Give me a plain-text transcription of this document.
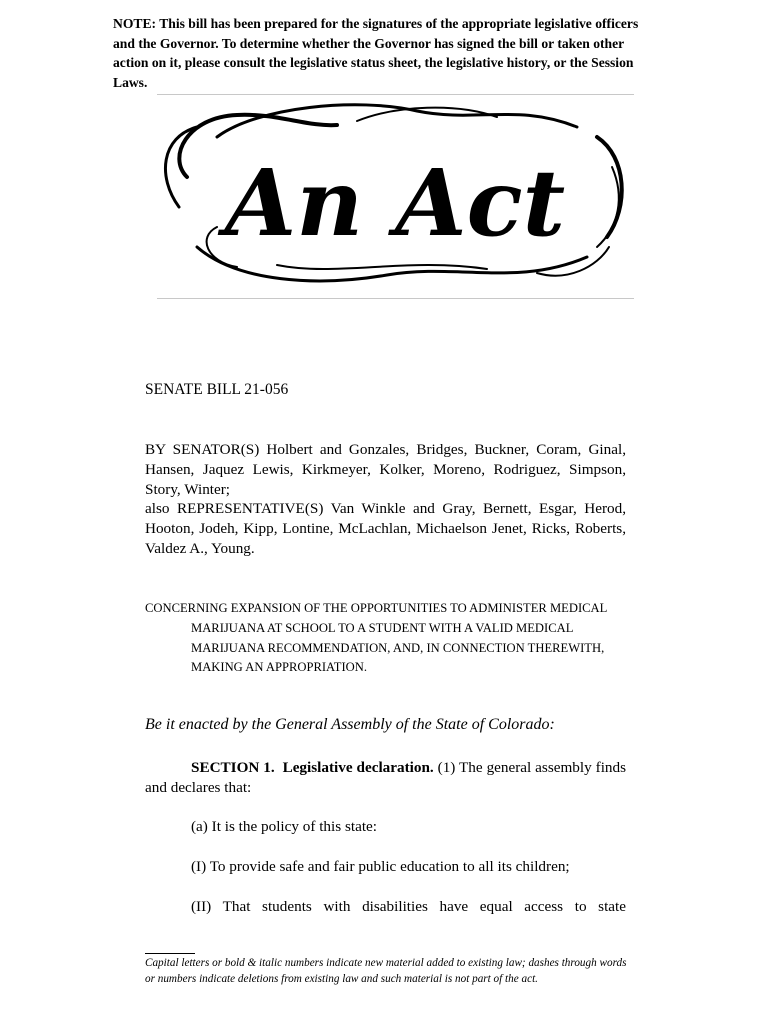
NOTE: This bill has been prepared for the signatures of the appropriate legislative officers and the Governor. To determine whether the Governor has signed the bill or taken other action on it, please consult the legislative status sheet, the legislative history, or the Session Laws.

An Act

SENATE BILL 21-056

BY SENATOR(S) Holbert and Gonzales, Bridges, Buckner, Coram, Ginal, Hansen, Jaquez Lewis, Kirkmeyer, Kolker, Moreno, Rodriguez, Simpson, Story, Winter;
also REPRESENTATIVE(S) Van Winkle and Gray, Bernett, Esgar, Herod, Hooton, Jodeh, Kipp, Lontine, McLachlan, Michaelson Jenet, Ricks, Roberts, Valdez A., Young.

CONCERNING EXPANSION OF THE OPPORTUNITIES TO ADMINISTER MEDICAL
MARIJUANA AT SCHOOL TO A STUDENT WITH A VALID MEDICAL
MARIJUANA RECOMMENDATION, AND, IN CONNECTION THEREWITH,
MAKING AN APPROPRIATION.

Be it enacted by the General Assembly of the State of Colorado:

SECTION 1. Legislative declaration. (1) The general assembly finds and declares that:

(a) It is the policy of this state:

(I) To provide safe and fair public education to all its children;

(II) That students with disabilities have equal access to state

Capital letters or bold & italic numbers indicate new material added to existing law; dashes through words or numbers indicate deletions from existing law and such material is not part of the act.
